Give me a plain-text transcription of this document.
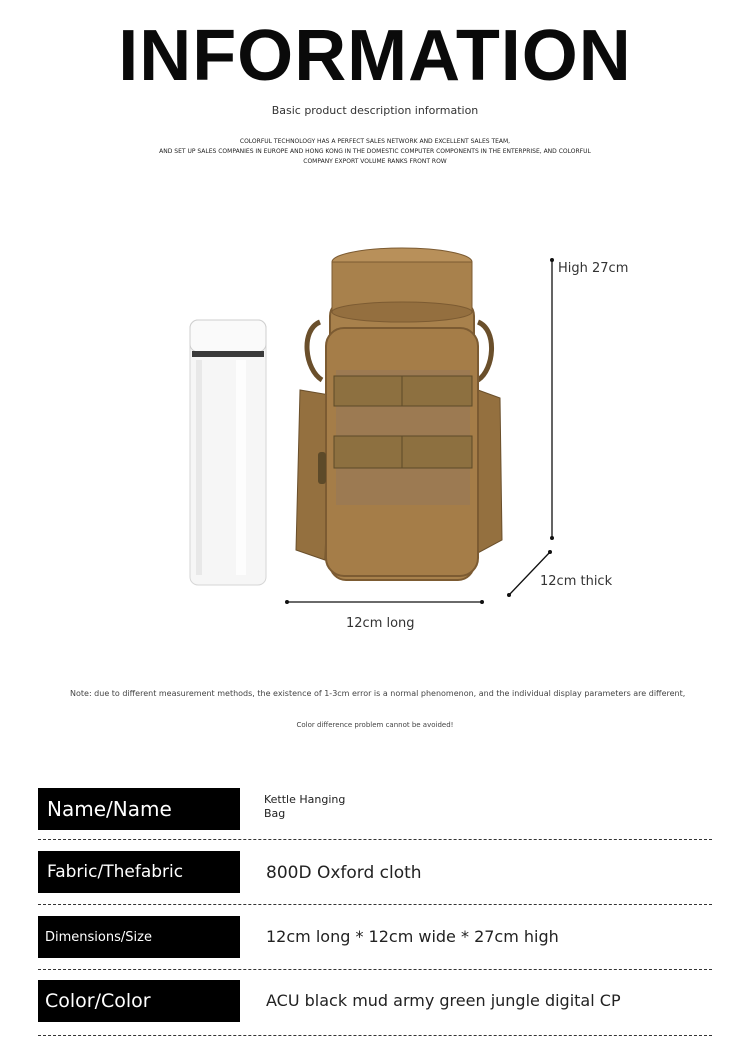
INFORMATION
Basic product description information
COLORFUL TECHNOLOGY HAS A PERFECT SALES NETWORK AND EXCELLENT SALES TEAM,
AND SET UP SALES COMPANIES IN EUROPE AND HONG KONG IN THE DOMESTIC COMPUTER COMPONENTS IN THE ENTERPRISE, AND COLORFUL
COMPANY EXPORT VOLUME RANKS FRONT ROW
High 27cm
12cm thick
12cm long
Note: due to different measurement methods, the existence of 1-3cm error is a normal phenomenon, and the individual display parameters are different,
Color difference problem cannot be avoided!
Name/Name	Kettle Hanging
Bag
Fabric/Thefabric	800D Oxford cloth
Dimensions/Size	12cm long * 12cm wide * 27cm high
Color/Color	ACU black mud army green jungle digital CP
